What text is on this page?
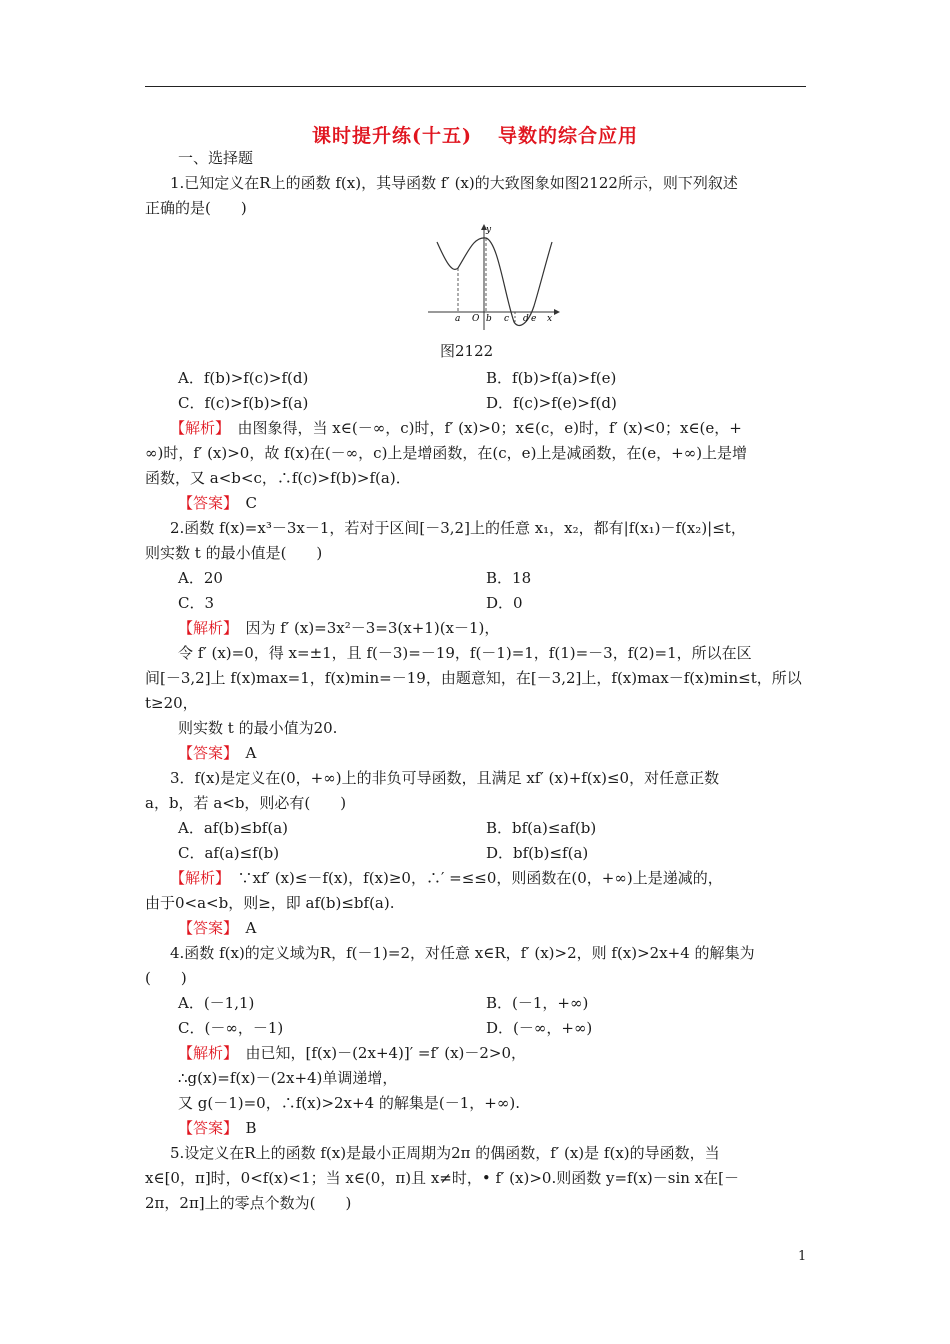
课时提升练(十五) 导数的综合应用
一、选择题
1.已知定义在R上的函数 f(x)，其导函数 f′ (x)的大致图象如图2122所示，则下列叙述
正确的是(　　)
A．f(b)>f(c)>f(d)	B．f(b)>f(a)>f(e)
C．f(c)>f(b)>f(a)	D．f(c)>f(e)>f(d)
【解析】　由图象得，当 x∈(－∞，c)时，f′ (x)>0；x∈(c，e)时，f′ (x)<0；x∈(e，+
∞)时，f′ (x)>0，故 f(x)在(－∞，c)上是增函数，在(c，e)上是减函数，在(e，+∞)上是增
函数，又 a<b<c，∴f(c)>f(b)>f(a)．
【答案】　C
2.函数 f(x)=x³－3x－1，若对于区间[－3,2]上的任意 x₁，x₂，都有|f(x₁)－f(x₂)|≤t，
则实数 t 的最小值是(　　)
A．20	B．18
C．3	D．0
【解析】　因为 f′ (x)=3x²－3=3(x+1)(x－1)，
令 f′ (x)=0，得 x=±1，且 f(－3)=－19，f(－1)=1，f(1)=－3，f(2)=1，所以在区
间[－3,2]上 f(x)max=1，f(x)min=－19，由题意知，在[－3,2]上，f(x)max－f(x)min≤t，所以
t≥20，
则实数 t 的最小值为20.
【答案】　A
3．f(x)是定义在(0，+∞)上的非负可导函数，且满足 xf′ (x)+f(x)≤0，对任意正数
a，b，若 a<b，则必有(　　)
A．af(b)≤bf(a)	B．bf(a)≤af(b)
C．af(a)≤f(b)	D．bf(b)≤f(a)
【解析】　∵xf′ (x)≤－f(x)，f(x)≥0，∴′ =≤≤0，则函数在(0，+∞)上是递减的，
由于0<a<b，则≥，即 af(b)≤bf(a).
【答案】　A
4.函数 f(x)的定义域为R，f(－1)=2，对任意 x∈R，f′ (x)>2，则 f(x)>2x+4 的解集为
(　　)
A．(－1,1)	B．(－1，+∞)
C．(－∞，－1)	D．(－∞，+∞)
【解析】　由已知，[f(x)－(2x+4)]′ =f′ (x)－2>0，
∴g(x)=f(x)－(2x+4)单调递增，
又 g(－1)=0，∴f(x)>2x+4 的解集是(－1，+∞).
【答案】　B
5.设定义在R上的函数 f(x)是最小正周期为2π 的偶函数，f′ (x)是 f(x)的导函数，当
x∈[0，π]时，0<f(x)<1；当 x∈(0，π)且 x≠时，• f′ (x)>0.则函数 y=f(x)－sin x在[－
2π，2π]上的零点个数为(　　)
y
a O b c d e x
图2122
1
